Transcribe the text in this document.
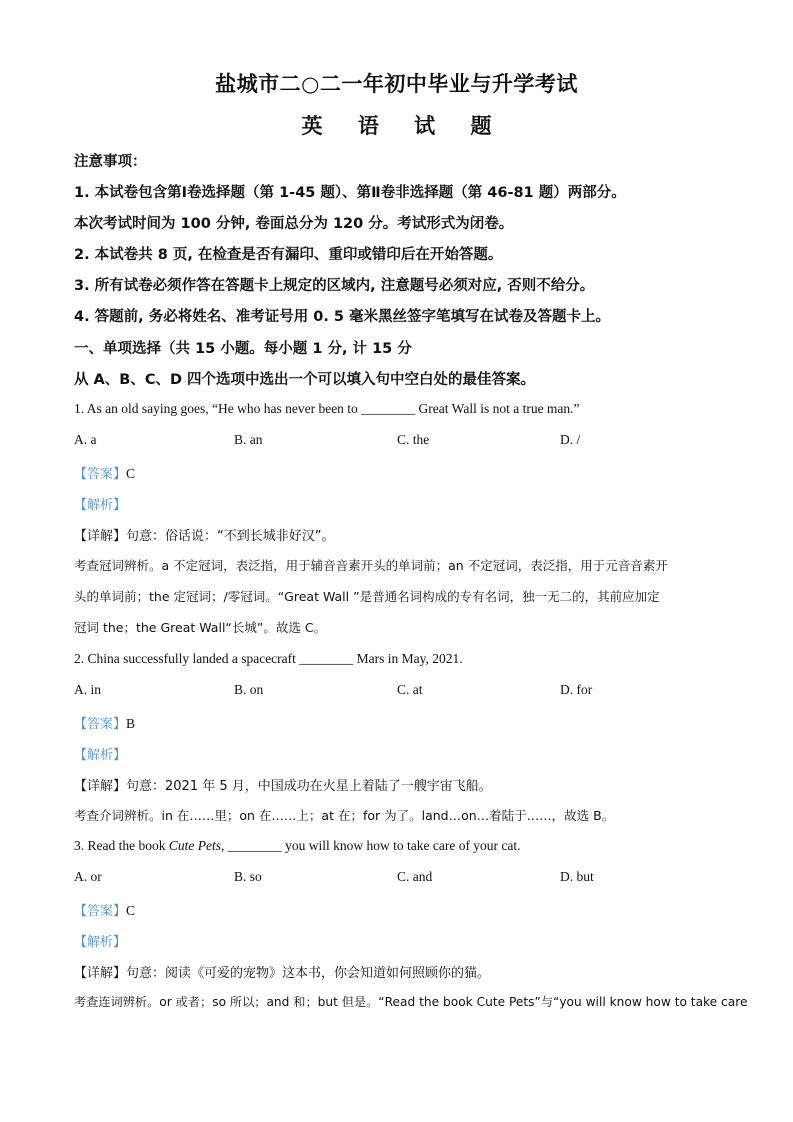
盐城市二○二一年初中毕业与升学考试
英 语 试 题
注意事项：
1. 本试卷包含第Ⅰ卷选择题（第 1-45 题）、第Ⅱ卷非选择题（第 46-81 题）两部分。
本次考试时间为 100 分钟, 卷面总分为 120 分。考试形式为闭卷。
2. 本试卷共 8 页, 在检查是否有漏印、重印或错印后在开始答题。
3. 所有试卷必须作答在答题卡上规定的区域内, 注意题号必须对应, 否则不给分。
4. 答题前, 务必将姓名、准考证号用 0. 5 毫米黑丝签字笔填写在试卷及答题卡上。
一、单项选择（共 15 小题。每小题 1 分, 计 15 分
从 A、B、C、D 四个选项中选出一个可以填入句中空白处的最佳答案。
1. As an old saying goes, “He who has never been to ________ Great Wall is not a true man.”
A. a	B. an	C. the	D. /
【答案】C
【解析】
【详解】句意：俗话说：“不到长城非好汉”。
考查冠词辨析。a 不定冠词，表泛指，用于辅音音素开头的单词前；an 不定冠词，表泛指，用于元音音素开
头的单词前；the 定冠词；/零冠词。“Great Wall ”是普通名词构成的专有名词，独一无二的，其前应加定
冠词 the；the Great Wall“长城”。故选 C。
2. China successfully landed a spacecraft ________ Mars in May, 2021.
A. in	B. on	C. at	D. for
【答案】B
【解析】
【详解】句意：2021 年 5 月，中国成功在火星上着陆了一艘宇宙飞船。
考查介词辨析。in 在……里；on 在……上；at 在；for 为了。land…on…着陆于……，故选 B。
3. Read the book Cute Pets, ________ you will know how to take care of your cat.
A. or	B. so	C. and	D. but
【答案】C
【解析】
【详解】句意：阅读《可爱的宠物》这本书，你会知道如何照顾你的猫。
考查连词辨析。or 或者；so 所以；and 和；but 但是。“Read the book Cute Pets”与“you will know how to take care
